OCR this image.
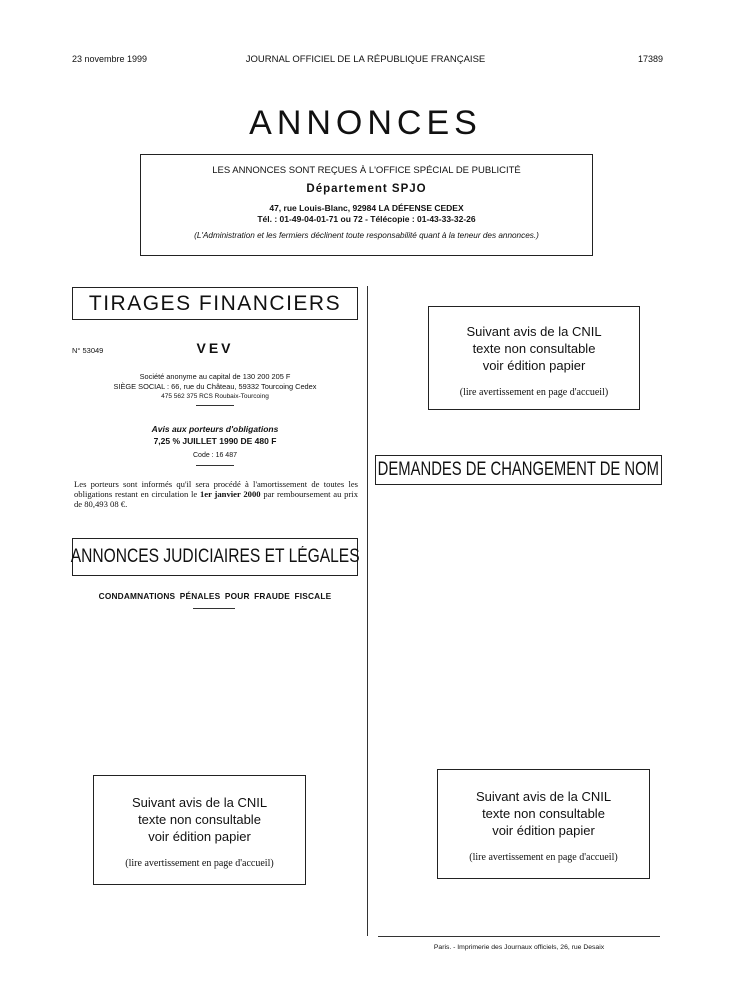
23 novembre 1999	JOURNAL OFFICIEL DE LA RÉPUBLIQUE FRANÇAISE	17389
ANNONCES
LES ANNONCES SONT REÇUES À L'OFFICE SPÉCIAL DE PUBLICITÉ
Département SPJO
47, rue Louis-Blanc, 92984 LA DÉFENSE CEDEX
Tél. : 01-49-04-01-71 ou 72 - Télécopie : 01-43-33-32-26
(L'Administration et les fermiers déclinent toute responsabilité quant à la teneur des annonces.)
TIRAGES FINANCIERS
N° 53049	VEV
Société anonyme au capital de 130 200 205 F
SIÈGE SOCIAL : 66, rue du Château, 59332 Tourcoing Cedex
475 562 375 RCS Roubaix-Tourcoing
Avis aux porteurs d'obligations
7,25 % JUILLET 1990 DE 480 F
Code : 16 487
Les porteurs sont informés qu'il sera procédé à l'amortissement de toutes les obligations restant en circulation le 1er janvier 2000 par remboursement au prix de 80,493 08 €.
ANNONCES JUDICIAIRES ET LÉGALES
CONDAMNATIONS PÉNALES POUR FRAUDE FISCALE
DEMANDES DE CHANGEMENT DE NOM
Suivant avis de la CNIL
texte non consultable
voir édition papier
(lire avertissement en page d'accueil)
Suivant avis de la CNIL
texte non consultable
voir édition papier
(lire avertissement en page d'accueil)
Suivant avis de la CNIL
texte non consultable
voir édition papier
(lire avertissement en page d'accueil)
Paris. - Imprimerie des Journaux officiels, 26, rue Desaix
